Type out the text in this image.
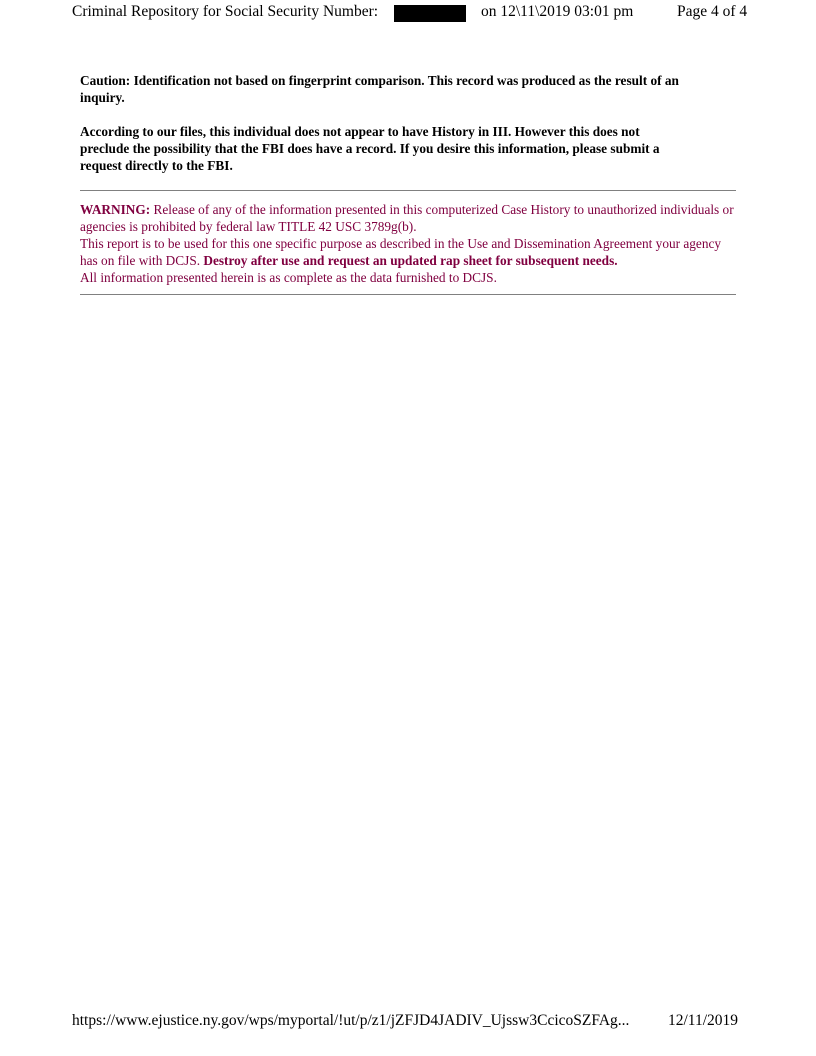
Criminal Repository for Social Security Number:	on 12\11\2019 03:01 pm	Page 4 of 4

Caution: Identification not based on fingerprint comparison. This record was produced as the result of an inquiry.

According to our files, this individual does not appear to have History in III. However this does not preclude the possibility that the FBI does have a record. If you desire this information, please submit a request directly to the FBI.

WARNING: Release of any of the information presented in this computerized Case History to unauthorized individuals or agencies is prohibited by federal law TITLE 42 USC 3789g(b).

This report is to be used for this one specific purpose as described in the Use and Dissemination Agreement your agency has on file with DCJS. Destroy after use and request an updated rap sheet for subsequent needs.

All information presented herein is as complete as the data furnished to DCJS.

https://www.ejustice.ny.gov/wps/myportal/!ut/p/z1/jZFJD4JADIV_Ujssw3CcicoSZFAg... 12/11/2019
